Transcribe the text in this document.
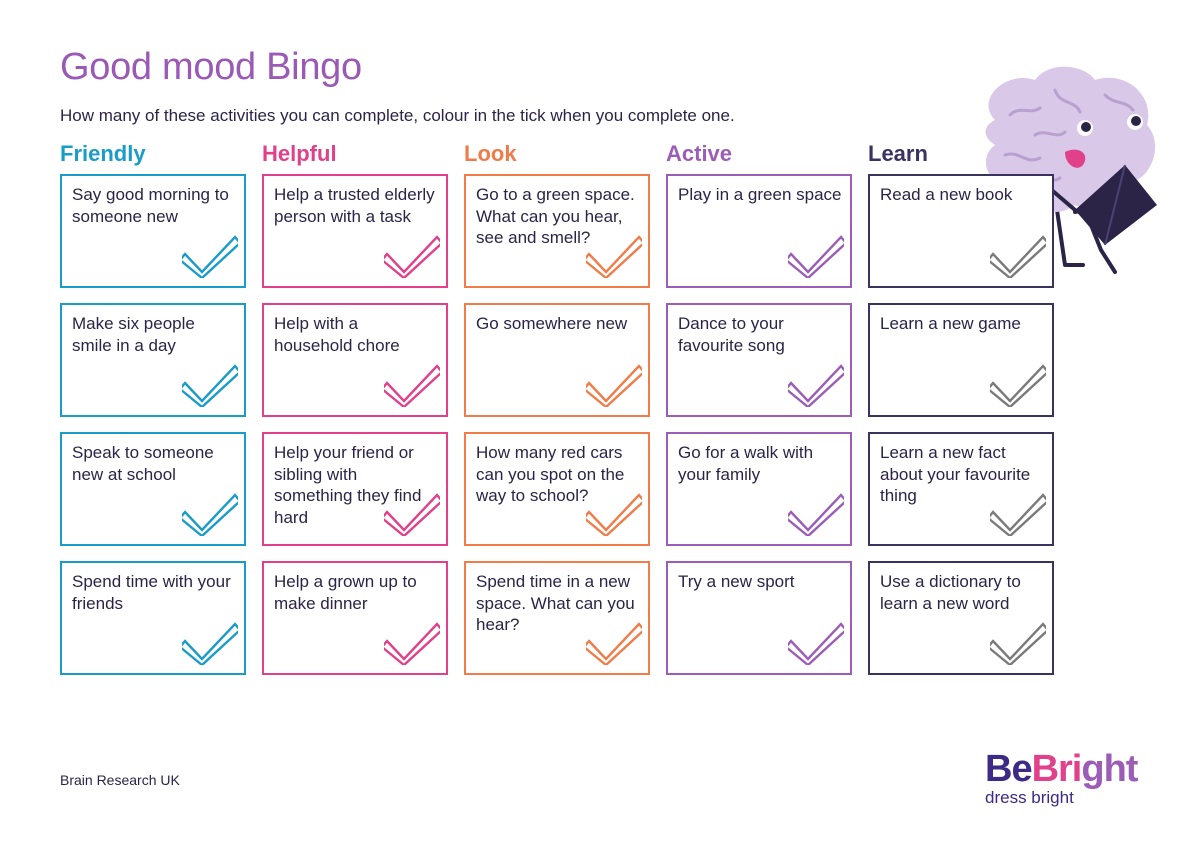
Good mood Bingo

How many of these activities you can complete, colour in the tick when you complete one.

Friendly
Say good morning to someone new
Make six people smile in a day
Speak to someone new at school
Spend time with your friends
Helpful
Help a trusted elderly person with a task
Help with a household chore
Help your friend or sibling with something they find hard
Help a grown up to make dinner
Look
Go to a green space. What can you hear, see and smell?
Go somewhere new
How many red cars can you spot on the way to school?
Spend time in a new space. What can you hear?
Active
Play in a green space
Dance to your favourite song
Go for a walk with your family
Try a new sport
Learn
Read a new book
Learn a new game
Learn a new fact about your favourite thing
Use a dictionary to learn a new word
Brain Research UK	BeBright
dress bright
